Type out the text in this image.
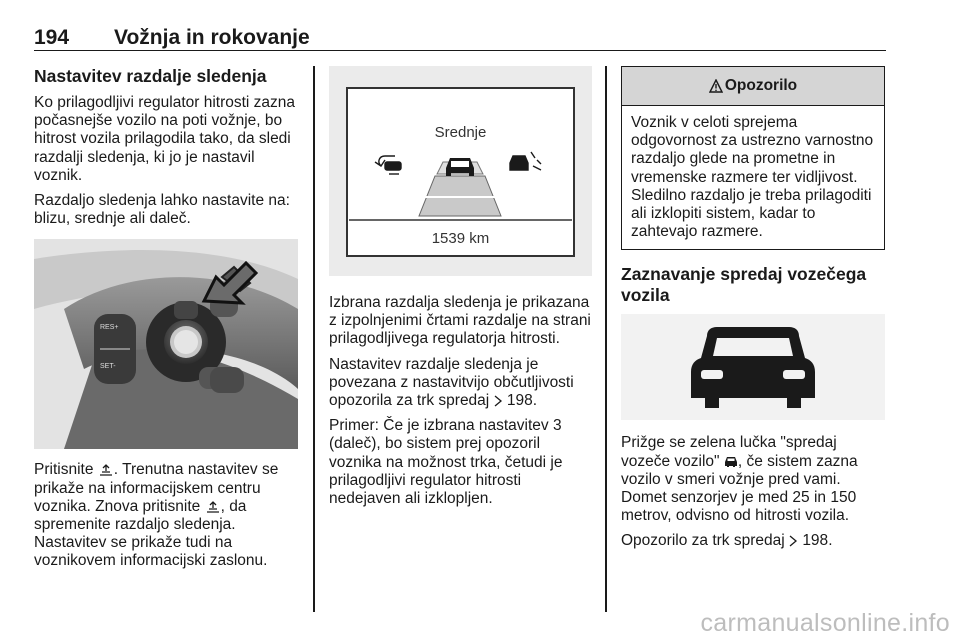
194 Vožnja in rokovanje
Nastavitev razdalje sledenja

Ko prilagodljivi regulator hitrosti zazna počasnejše vozilo na poti vožnje, bo hitrost vozila prilagodila tako, da sledi razdalji sledenja, ki jo je nastavil voznik.

Razdaljo sledenja lahko nastavite na: blizu, srednje ali daleč.

RES+
SET-

Pritisnite . Trenutna nastavitev se prikaže na informacijskem centru voznika. Znova pritisnite , da spremenite razdaljo sledenja. Nastavitev se prikaže tudi na voznikovem informacijski zaslonu.

Srednje
1539 km

Izbrana razdalja sledenja je prikazana z izpolnjenimi črtami razdalje na strani prilagodljivega regulatorja hitrosti.

Nastavitev razdalje sledenja je povezana z nastavitvijo občutljivosti opozorila za trk spredaj  198.

Primer: Če je izbrana nastavitev 3 (daleč), bo sistem prej opozoril voznika na možnost trka, četudi je prilagodljivi regulator hitrosti nedejaven ali izklopljen.

Opozorilo

Voznik v celoti sprejema odgovornost za ustrezno varnostno razdaljo glede na prometne in vremenske razmere ter vidljivost. Sledilno razdaljo je treba prilagoditi ali izklopiti sistem, kadar to zahtevajo razmere.

Zaznavanje spredaj vozečega vozila

Prižge se zelena lučka "spredaj vozeče vozilo" , če sistem zazna vozilo v smeri vožnje pred vami. Domet senzorjev je med 25 in 150 metrov, odvisno od hitrosti vozila.

Opozorilo za trk spredaj  198.

carmanualsonline.info
